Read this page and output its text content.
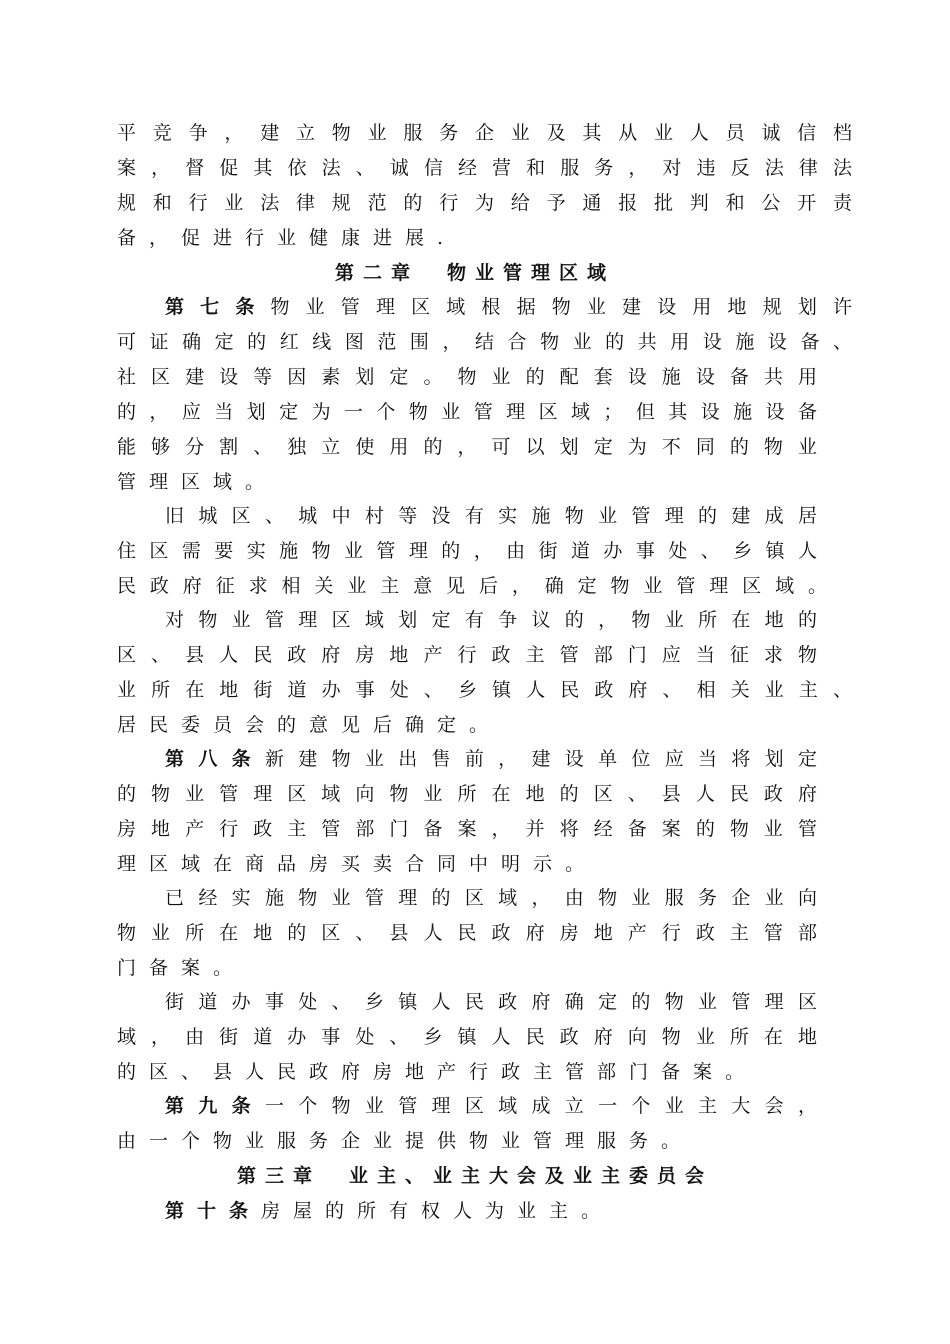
平竞争，建立物业服务企业及其从业人员诚信档
案，督促其依法、诚信经营和服务，对违反法律法
规和行业法律规范的行为给予通报批判和公开责
备，促进行业健康进展.
第二章　物业管理区域
第七条物业管理区域根据物业建设用地规划许
可证确定的红线图范围，结合物业的共用设施设备、
社区建设等因素划定。物业的配套设施设备共用
的，应当划定为一个物业管理区域；但其设施设备
能够分割、独立使用的，可以划定为不同的物业
管理区域。
旧城区、城中村等没有实施物业管理的建成居
住区需要实施物业管理的，由街道办事处、乡镇人
民政府征求相关业主意见后，确定物业管理区域。
对物业管理区域划定有争议的，物业所在地的
区、县人民政府房地产行政主管部门应当征求物
业所在地街道办事处、乡镇人民政府、相关业主、
居民委员会的意见后确定。
第八条新建物业出售前，建设单位应当将划定
的物业管理区域向物业所在地的区、县人民政府
房地产行政主管部门备案，并将经备案的物业管
理区域在商品房买卖合同中明示。
已经实施物业管理的区域，由物业服务企业向
物业所在地的区、县人民政府房地产行政主管部
门备案。
街道办事处、乡镇人民政府确定的物业管理区
域，由街道办事处、乡镇人民政府向物业所在地
的区、县人民政府房地产行政主管部门备案。
第九条一个物业管理区域成立一个业主大会，
由一个物业服务企业提供物业管理服务。
第三章　业主、业主大会及业主委员会
第十条房屋的所有权人为业主。
